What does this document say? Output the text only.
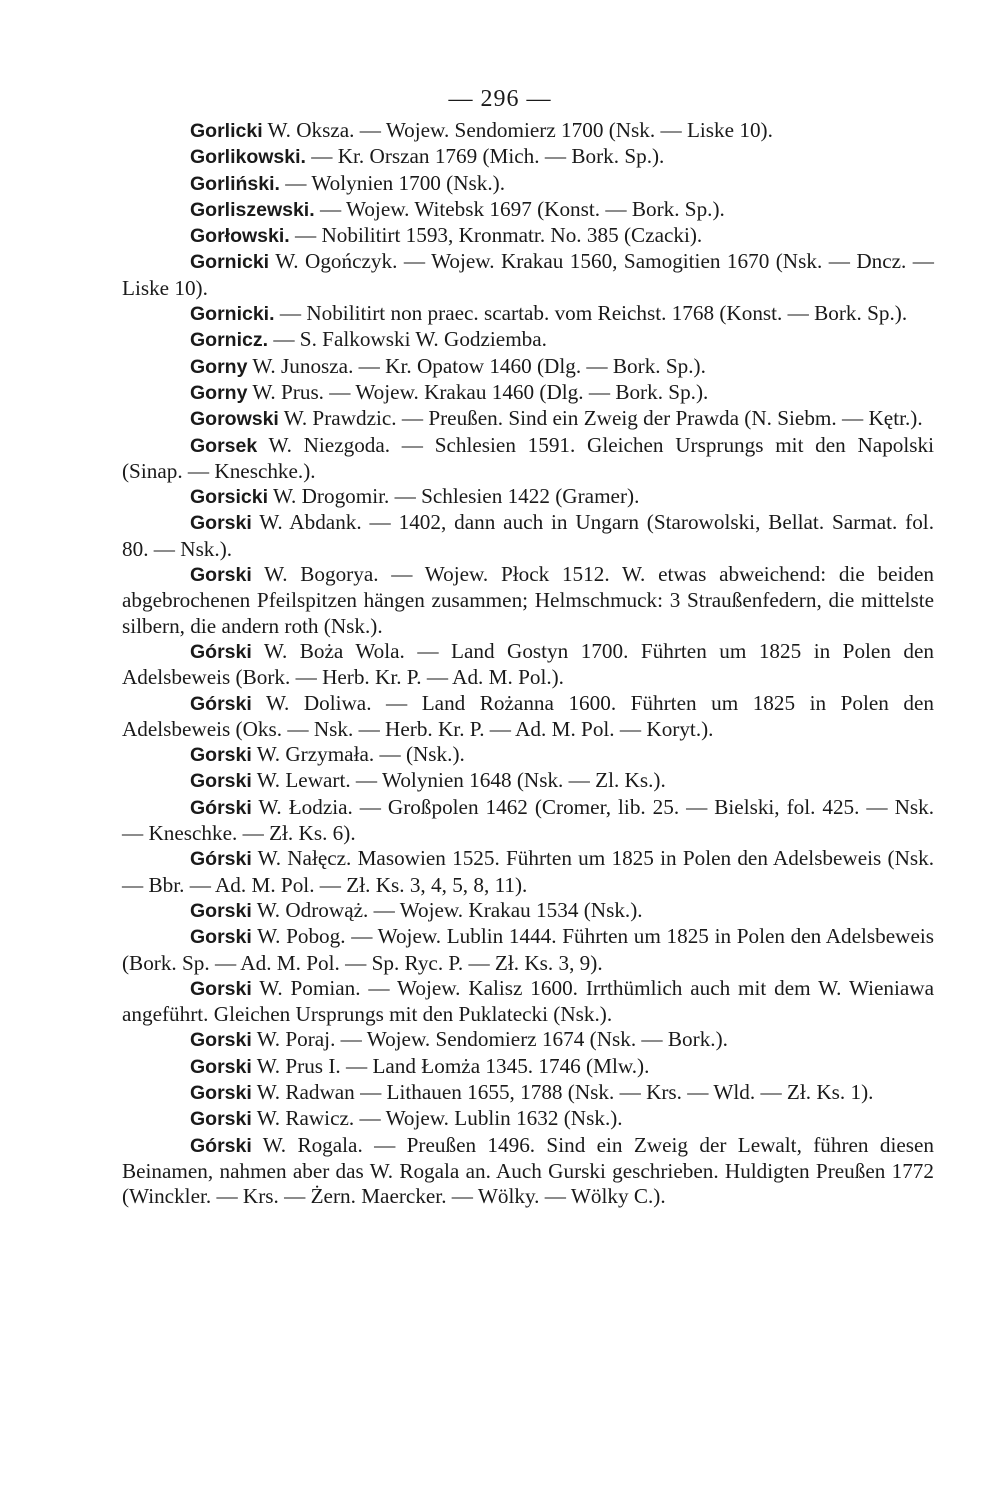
— 296 —
Gorlicki W. Oksza. — Wojew. Sendomierz 1700 (Nsk. — Liske 10).
Gorlikowski. — Kr. Orszan 1769 (Mich. — Bork. Sp.).
Gorliński. — Wolynien 1700 (Nsk.).
Gorliszewski. — Wojew. Witebsk 1697 (Konst. — Bork. Sp.).
Gorłowski. — Nobilitirt 1593, Kronmatr. No. 385 (Czacki).
Gornicki W. Ogończyk. — Wojew. Krakau 1560, Samogitien 1670 (Nsk. — Dncz. — Liske 10).
Gornicki. — Nobilitirt non praec. scartab. vom Reichst. 1768 (Konst. — Bork. Sp.).
Gornicz. — S. Falkowski W. Godziemba.
Gorny W. Junosza. — Kr. Opatow 1460 (Dlg. — Bork. Sp.).
Gorny W. Prus. — Wojew. Krakau 1460 (Dlg. — Bork. Sp.).
Gorowski W. Prawdzic. — Preußen. Sind ein Zweig der Prawda (N. Siebm. — Kętr.).
Gorsek W. Niezgoda. — Schlesien 1591. Gleichen Ursprungs mit den Napolski (Sinap. — Kneschke.).
Gorsicki W. Drogomir. — Schlesien 1422 (Gramer).
Gorski W. Abdank. — 1402, dann auch in Ungarn (Starowolski, Bellat. Sarmat. fol. 80. — Nsk.).
Gorski W. Bogorya. — Wojew. Płock 1512. W. etwas abweichend: die beiden abgebrochenen Pfeilspitzen hängen zusammen; Helmschmuck: 3 Straußenfedern, die mittelste silbern, die andern roth (Nsk.).
Górski W. Boża Wola. — Land Gostyn 1700. Führten um 1825 in Polen den Adelsbeweis (Bork. — Herb. Kr. P. — Ad. M. Pol.).
Górski W. Doliwa. — Land Rożanna 1600. Führten um 1825 in Polen den Adelsbeweis (Oks. — Nsk. — Herb. Kr. P. — Ad. M. Pol. — Koryt.).
Gorski W. Grzymała. — (Nsk.).
Gorski W. Lewart. — Wolynien 1648 (Nsk. — Zl. Ks.).
Górski W. Łodzia. — Großpolen 1462 (Cromer, lib. 25. — Bielski, fol. 425. — Nsk. — Kneschke. — Zł. Ks. 6).
Górski W. Nałęcz. Masowien 1525. Führten um 1825 in Polen den Adelsbeweis (Nsk. — Bbr. — Ad. M. Pol. — Zł. Ks. 3, 4, 5, 8, 11).
Gorski W. Odrowąż. — Wojew. Krakau 1534 (Nsk.).
Gorski W. Pobog. — Wojew. Lublin 1444. Führten um 1825 in Polen den Adelsbeweis (Bork. Sp. — Ad. M. Pol. — Sp. Ryc. P. — Zł. Ks. 3, 9).
Gorski W. Pomian. — Wojew. Kalisz 1600. Irrthümlich auch mit dem W. Wieniawa angeführt. Gleichen Ursprungs mit den Puklatecki (Nsk.).
Gorski W. Poraj. — Wojew. Sendomierz 1674 (Nsk. — Bork.).
Gorski W. Prus I. — Land Łomża 1345. 1746 (Mlw.).
Gorski W. Radwan — Lithauen 1655, 1788 (Nsk. — Krs. — Wld. — Zł. Ks. 1).
Gorski W. Rawicz. — Wojew. Lublin 1632 (Nsk.).
Górski W. Rogala. — Preußen 1496. Sind ein Zweig der Lewalt, führen diesen Beinamen, nahmen aber das W. Rogala an. Auch Gurski geschrieben. Huldigten Preußen 1772 (Winckler. — Krs. — Żern. Maercker. — Wölky. — Wölky C.).
